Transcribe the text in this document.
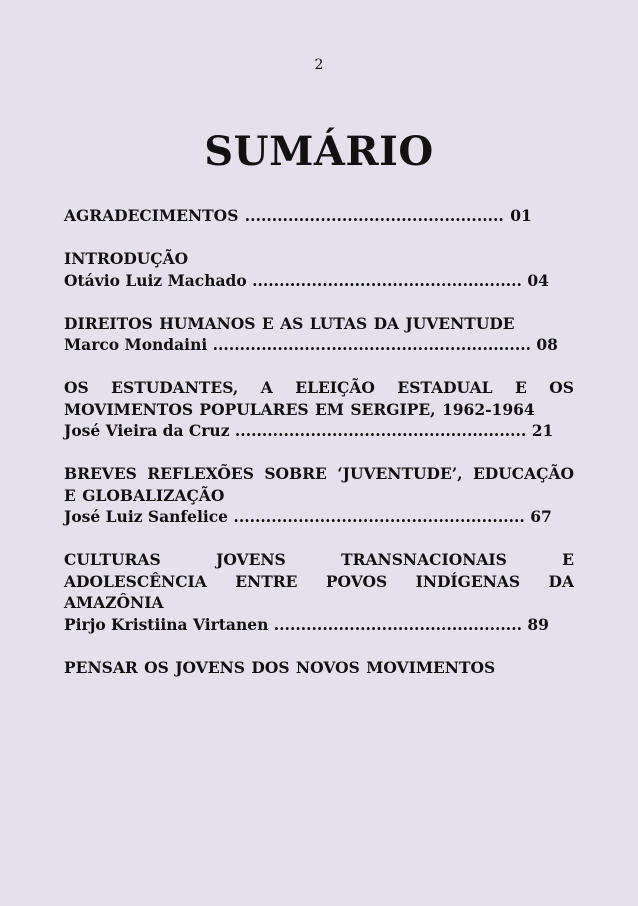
2
SUMÁRIO
AGRADECIMENTOS ................................................ 01
INTRODUÇÃO
Otávio Luiz Machado .................................................. 04
DIREITOS HUMANOS E AS LUTAS DA JUVENTUDE
Marco Mondaini ........................................................... 08
OS ESTUDANTES, A ELEIÇÃO ESTADUAL E OS MOVIMENTOS POPULARES EM SERGIPE, 1962-1964
José Vieira da Cruz ...................................................... 21
BREVES REFLEXÕES SOBRE ‘JUVENTUDE’, EDUCAÇÃO E GLOBALIZAÇÃO
José Luiz Sanfelice ...................................................... 67
CULTURAS JOVENS TRANSNACIONAIS E ADOLESCÊNCIA ENTRE POVOS INDÍGENAS DA AMAZÔNIA
Pirjo Kristiina Virtanen .............................................. 89
PENSAR OS JOVENS DOS NOVOS MOVIMENTOS
